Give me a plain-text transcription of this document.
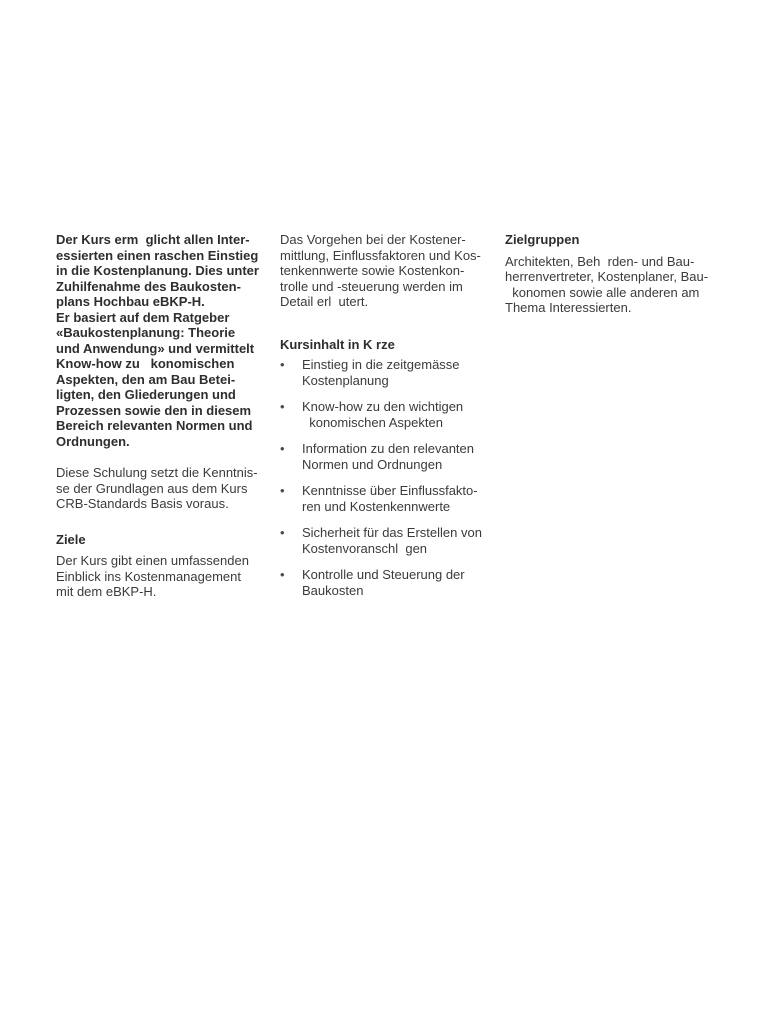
Der Kurs erm  glicht allen Inter-
essierten einen raschen Einstieg
in die Kostenplanung. Dies unter
Zuhilfenahme des Baukosten-
plans Hochbau eBKP-H.
Er basiert auf dem Ratgeber
«Baukostenplanung: Theorie
und Anwendung» und vermittelt
Know-how zu   konomischen
Aspekten, den am Bau Betei-
ligten, den Gliederungen und
Prozessen sowie den in diesem
Bereich relevanten Normen und
Ordnungen.
Diese Schulung setzt die Kenntnis-
se der Grundlagen aus dem Kurs
CRB-Standards Basis voraus.
Ziele
Der Kurs gibt einen umfassenden
Einblick ins Kostenmanagement
mit dem eBKP-H.
Das Vorgehen bei der Kostener-
mittlung, Einflussfaktoren und Kos-
tenkennwerte sowie Kostenkon-
trolle und -steuerung werden im
Detail erl  utert.
Kursinhalt in K rze
• Einstieg in die zeitgemässe
Kostenplanung
• Know-how zu den wichtigen
konomischen Aspekten
• Information zu den relevanten
Normen und Ordnungen
• Kenntnisse über Einflussfakto-
ren und Kostenkennwerte
• Sicherheit für das Erstellen von
Kostenvoranschl  gen
• Kontrolle und Steuerung der
Baukosten
Zielgruppen
Architekten, Beh  rden- und Bau-
herrenvertreter, Kostenplaner, Bau-
konomen sowie alle anderen am
Thema Interessierten.
